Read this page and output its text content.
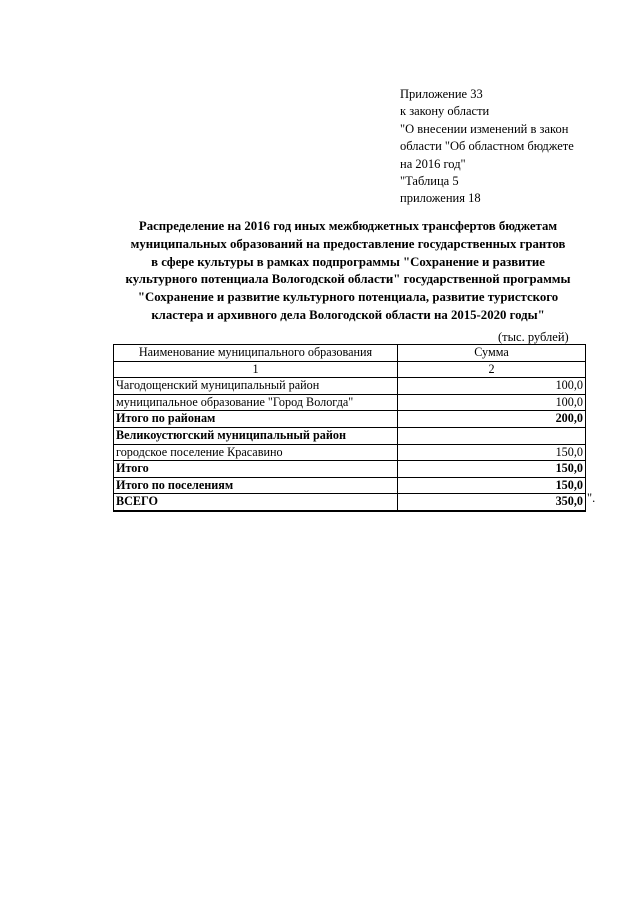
Приложение 33
к закону области
"О внесении изменений в закон
области "Об областном бюджете
на 2016 год"
"Таблица 5
приложения 18
Распределение на 2016 год иных межбюджетных трансфертов бюджетам
муниципальных образований на предоставление государственных грантов
в сфере культуры в рамках подпрограммы "Сохранение и развитие
культурного потенциала Вологодской области" государственной программы
"Сохранение и развитие культурного потенциала, развитие туристского
кластера и архивного дела Вологодской области на 2015-2020 годы"
(тыс. рублей)
Наименование муниципального образования	Сумма
1	2
Чагодощенский муниципальный район	100,0
муниципальное образование "Город Вологда"	100,0
Итого по районам	200,0
Великоустюгский муниципальный район	
городское поселение Красавино	150,0
Итого	150,0
Итого по поселениям	150,0
ВСЕГО	350,0 ".
